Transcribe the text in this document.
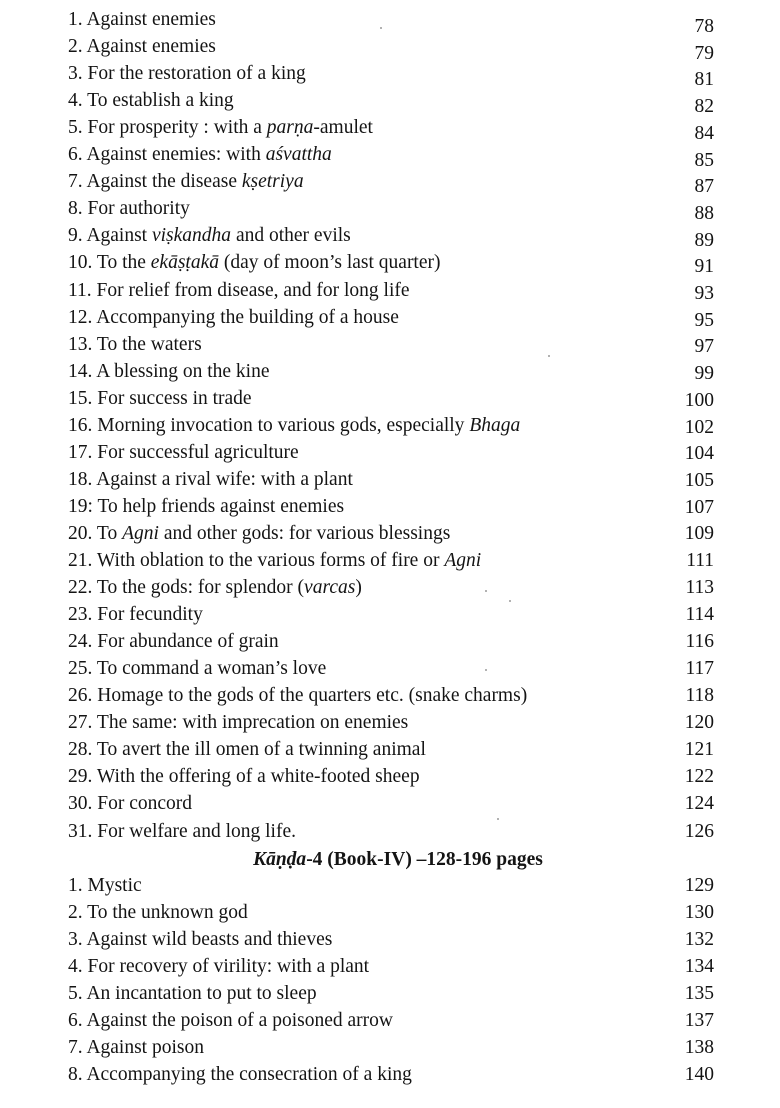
1. Against enemies	78
2. Against enemies	79
3. For the restoration of a king	81
4. To establish a king	82
5. For prosperity : with a parṇa-amulet	84
6. Against enemies: with aśvattha	85
7. Against the disease kṣetriya	87
8. For authority	88
9. Against viṣkandha and other evils	89
10. To the ekāṣṭakā (day of moon’s last quarter)	91
11. For relief from disease, and for long life	93
12. Accompanying the building of a house	95
13. To the waters	97
14. A blessing on the kine	99
15. For success in trade	100
16. Morning invocation to various gods, especially Bhaga	102
17. For successful agriculture	104
18. Against a rival wife: with a plant	105
19: To help friends against enemies	107
20. To Agni and other gods: for various blessings	109
21. With oblation to the various forms of fire or Agni	111
22. To the gods: for splendor (varcas)	113
23. For fecundity	114
24. For abundance of grain	116
25. To command a woman’s love	117
26. Homage to the gods of the quarters etc. (snake charms)	118
27. The same: with imprecation on enemies	120
28. To avert the ill omen of a twinning animal	121
29. With the offering of a white-footed sheep	122
30. For concord	124
31. For welfare and long life.	126
Kāṇḍa-4 (Book-IV) –128-196 pages
1. Mystic	129
2. To the unknown god	130
3. Against wild beasts and thieves	132
4. For recovery of virility: with a plant	134
5. An incantation to put to sleep	135
6. Against the poison of a poisoned arrow	137
7. Against poison	138
8. Accompanying the consecration of a king	140
